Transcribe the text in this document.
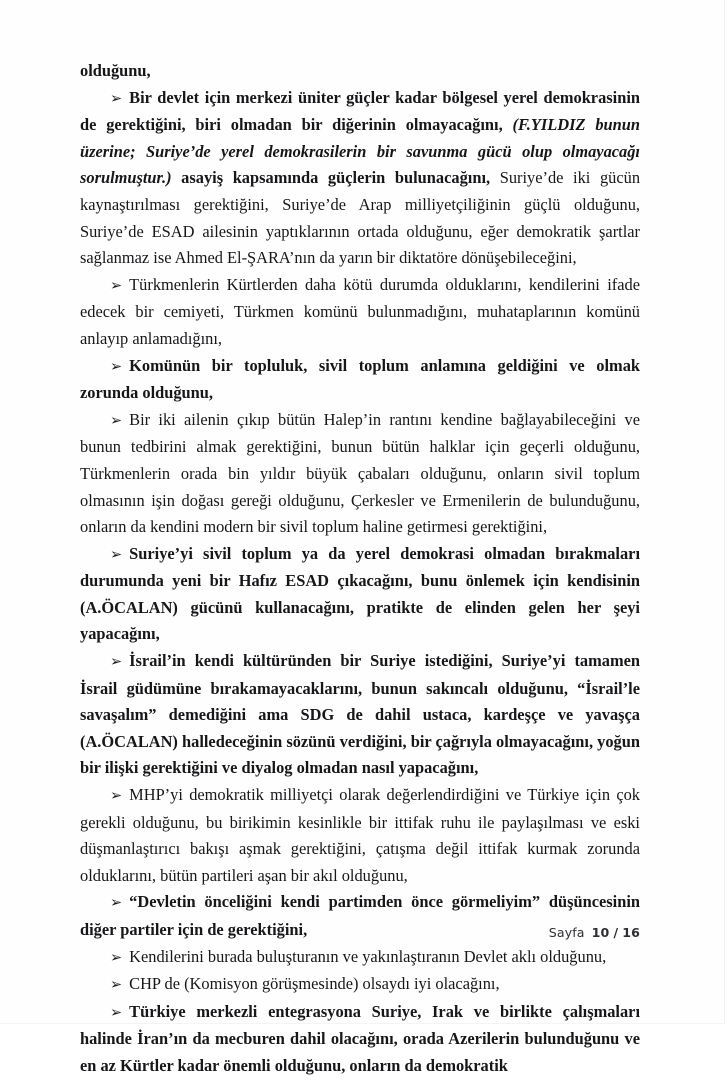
olduğunu,

➢ Bir devlet için merkezi üniter güçler kadar bölgesel yerel demokrasinin de gerektiğini, biri olmadan bir diğerinin olmayacağını, (F.YILDIZ bunun üzerine; Suriye’de yerel demokrasilerin bir savunma gücü olup olmayacağı sorulmuştur.) asayiş kapsamında güçlerin bulunacağını, Suriye’de iki gücün kaynaştırılması gerektiğini, Suriye’de Arap milliyetçiliğinin güçlü olduğunu, Suriye’de ESAD ailesinin yaptıklarının ortada olduğunu, eğer demokratik şartlar sağlanmaz ise Ahmed El-ŞARA’nın da yarın bir diktatöre dönüşebileceğini,

➢ Türkmenlerin Kürtlerden daha kötü durumda olduklarını, kendilerini ifade edecek bir cemiyeti, Türkmen komünü bulunmadığını, muhataplarının komünü anlayıp anlamadığını,

➢ Komünün bir topluluk, sivil toplum anlamına geldiğini ve olmak zorunda olduğunu,

➢ Bir iki ailenin çıkıp bütün Halep’in rantını kendine bağlayabileceğini ve bunun tedbirini almak gerektiğini, bunun bütün halklar için geçerli olduğunu, Türkmenlerin orada bin yıldır büyük çabaları olduğunu, onların sivil toplum olmasının işin doğası gereği olduğunu, Çerkesler ve Ermenilerin de bulunduğunu, onların da kendini modern bir sivil toplum haline getirmesi gerektiğini,

➢ Suriye’yi sivil toplum ya da yerel demokrasi olmadan bırakmaları durumunda yeni bir Hafız ESAD çıkacağını, bunu önlemek için kendisinin (A.ÖCALAN) gücünü kullanacağını, pratikte de elinden gelen her şeyi yapacağını,

➢ İsrail’in kendi kültüründen bir Suriye istediğini, Suriye’yi tamamen İsrail güdümüne bırakamayacaklarını, bunun sakıncalı olduğunu, “İsrail’le savaşalım” demediğini ama SDG de dahil ustaca, kardeşçe ve yavaşça (A.ÖCALAN) halledeceğinin sözünü verdiğini, bir çağrıyla olmayacağını, yoğun bir ilişki gerektiğini ve diyalog olmadan nasıl yapacağını,

➢ MHP’yi demokratik milliyetçi olarak değerlendirdiğini ve Türkiye için çok gerekli olduğunu, bu birikimin kesinlikle bir ittifak ruhu ile paylaşılması ve eski düşmanlaştırıcı bakışı aşmak gerektiğini, çatışma değil ittifak kurmak zorunda olduklarını, bütün partileri aşan bir akıl olduğunu,

➢ “Devletin önceliğini kendi partimden önce görmeliyim” düşüncesinin diğer partiler için de gerektiğini,

➢ Kendilerini burada buluşturanın ve yakınlaştıranın Devlet aklı olduğunu,

➢ CHP de (Komisyon görüşmesinde) olsaydı iyi olacağını,

➢ Türkiye merkezli entegrasyona Suriye, Irak ve birlikte çalışmaları halinde İran’ın da mecburen dahil olacağını, orada Azerilerin bulunduğunu ve en az Kürtler kadar önemli olduğunu, onların da demokratik

Sayfa 10 / 16
